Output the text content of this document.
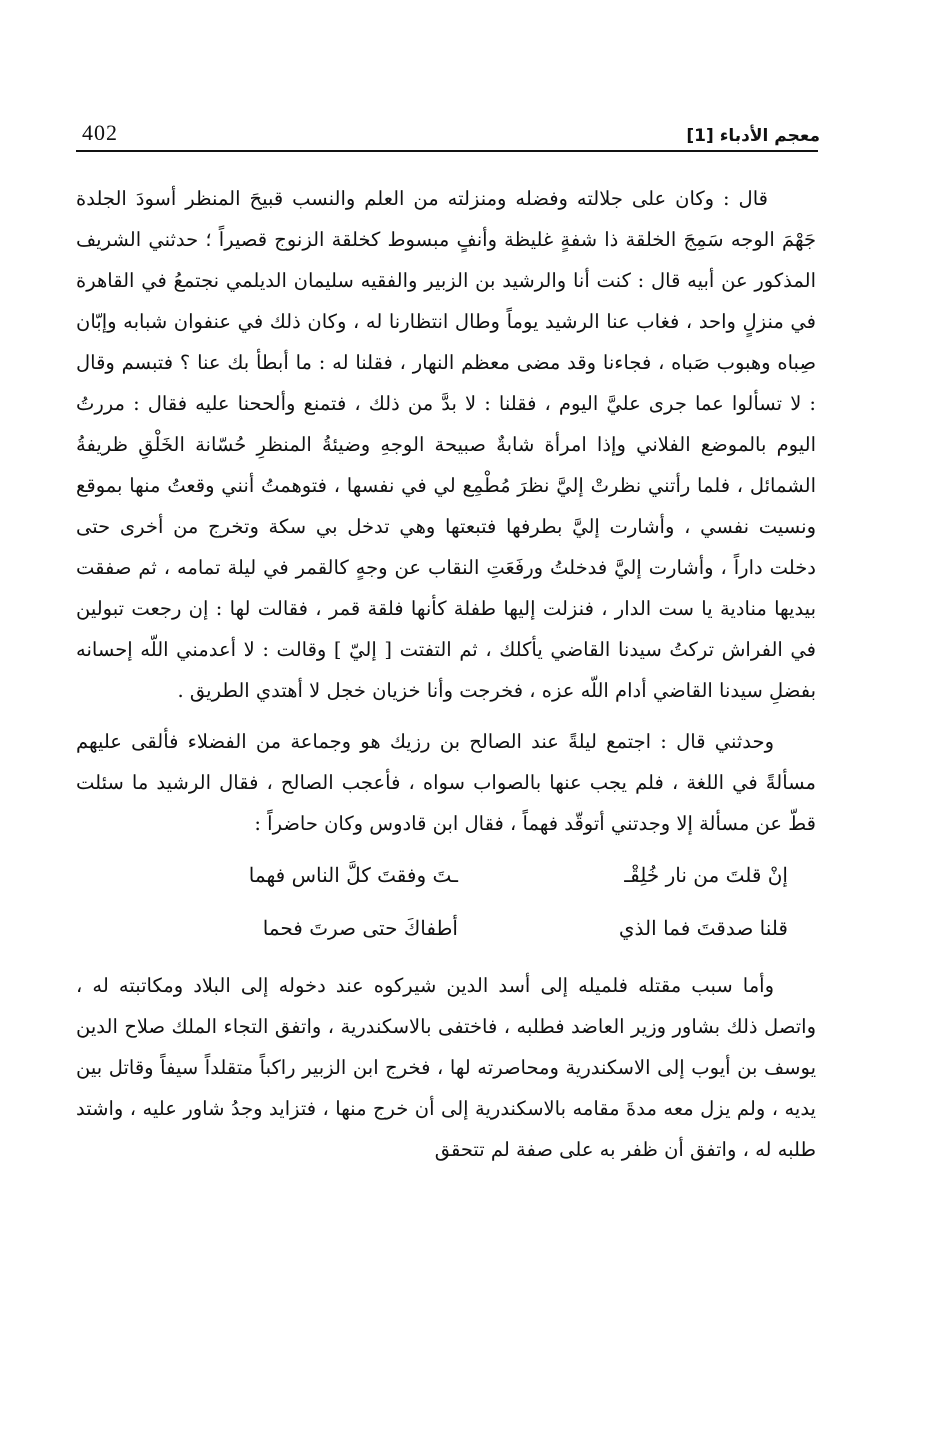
402	معجم الأدباء [1]

قال : وكان على جلالته وفضله ومنزلته من العلم والنسب قبيحَ المنظر أسودَ الجلدة جَهْمَ الوجه سَمِجَ الخلقة ذا شفةٍ غليظة وأنفٍ مبسوط كخلقة الزنوج قصيراً ؛ حدثني الشريف المذكور عن أبيه قال : كنت أنا والرشيد بن الزبير والفقيه سليمان الديلمي نجتمعُ في القاهرة في منزلٍ واحد ، فغاب عنا الرشيد يوماً وطال انتظارنا له ، وكان ذلك في عنفوان شبابه وإبّان صِباه وهبوب صَباه ، فجاءنا وقد مضى معظم النهار ، فقلنا له : ما أبطأ بك عنا ؟ فتبسم وقال : لا تسألوا عما جرى عليَّ اليوم ، فقلنا : لا بدَّ من ذلك ، فتمنع وألححنا عليه فقال : مررتُ اليوم بالموضع الفلاني وإذا امرأة شابةٌ صبيحة الوجهِ وضيئةُ المنظرِ حُسّانة الخَلْقِ ظريفةُ الشمائل ، فلما رأتني نظرتْ إليَّ نظرَ مُطْمِع لي في نفسها ، فتوهمتُ أنني وقعتُ منها بموقع ونسيت نفسي ، وأشارت إليَّ بطرفها فتبعتها وهي تدخل بي سكة وتخرج من أخرى حتى دخلت داراً ، وأشارت إليَّ فدخلتُ ورفَعَتِ النقاب عن وجهٍ كالقمر في ليلة تمامه ، ثم صفقت بيديها منادية يا ست الدار ، فنزلت إليها طفلة كأنها فلقة قمر ، فقالت لها : إن رجعت تبولين في الفراش تركتُ سيدنا القاضي يأكلك ، ثم التفتت [ إليّ ] وقالت : لا أعدمني اللّه إحسانه بفضلِ سيدنا القاضي أدام اللّه عزه ، فخرجت وأنا خزيان خجل لا أهتدي الطريق .

وحدثني قال : اجتمع ليلةً عند الصالح بن رزيك هو وجماعة من الفضلاء فألقى عليهم مسألةً في اللغة ، فلم يجب عنها بالصواب سواه ، فأعجب الصالح ، فقال الرشيد ما سئلت قطّ عن مسألة إلا وجدتني أتوقّد فهماً ، فقال ابن قادوس وكان حاضراً :

إنْ قلتَ من نار خُلِقْـ
ـتَ وفقتَ كلَّ الناس فهما
قلنا صدقتَ فما الذي
أطفاكَ حتى صرتَ فحما

وأما سبب مقتله فلميله إلى أسد الدين شيركوه عند دخوله إلى البلاد ومكاتبته له ، واتصل ذلك بشاور وزير العاضد فطلبه ، فاختفى بالاسكندرية ، واتفق التجاء الملك صلاح الدين يوسف بن أيوب إلى الاسكندرية ومحاصرته لها ، فخرج ابن الزبير راكباً متقلداً سيفاً وقاتل بين يديه ، ولم يزل معه مدةَ مقامه بالاسكندرية إلى أن خرج منها ، فتزايد وجدُ شاور عليه ، واشتد طلبه له ، واتفق أن ظفر به على صفة لم تتحقق
